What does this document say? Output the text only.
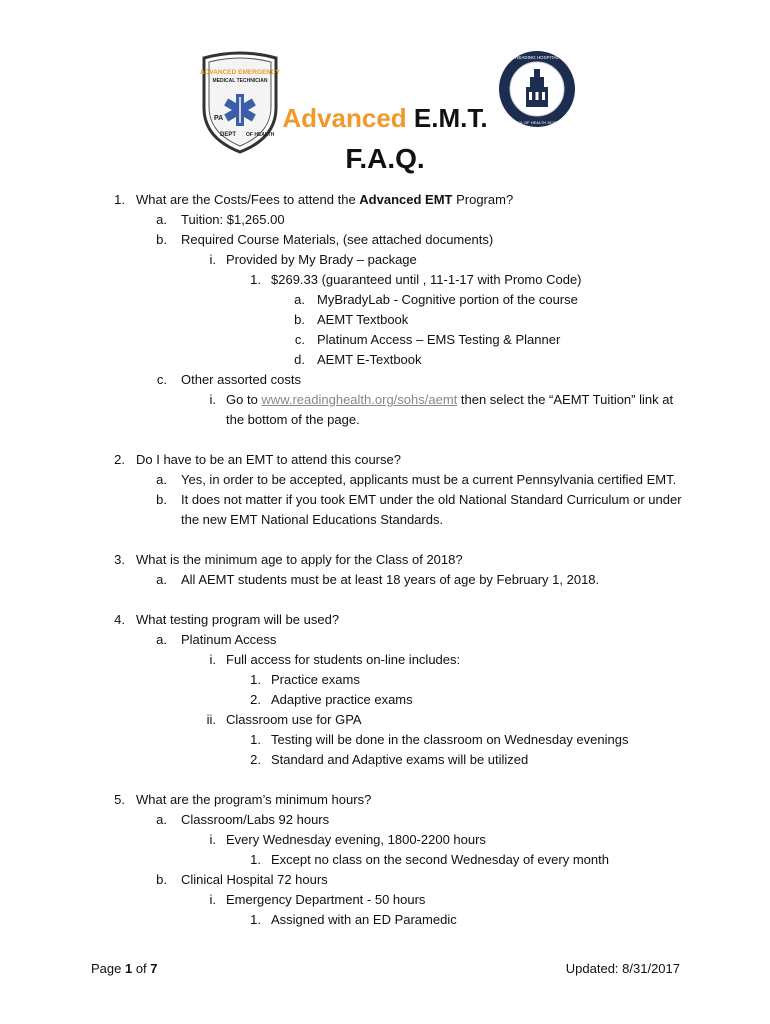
ADVANCED EMERGENCY
MEDICAL TECHNICIAN
PA
DEPT OF HEALTH
READING HOSPITAL
SCHOOL OF HEALTH SCIENCES
Advanced E.M.T.
F.A.Q.
1. What are the Costs/Fees to attend the Advanced EMT Program?
a. Tuition: $1,265.00
b. Required Course Materials, (see attached documents)
i. Provided by My Brady – package
1. $269.33 (guaranteed until , 11-1-17 with Promo Code)
a. MyBradyLab - Cognitive portion of the course
b. AEMT Textbook
c. Platinum Access – EMS Testing & Planner
d. AEMT E-Textbook
c. Other assorted costs
i. Go to www.readinghealth.org/sohs/aemt then select the “AEMT Tuition” link at
the bottom of the page.
2. Do I have to be an EMT to attend this course?
a. Yes, in order to be accepted, applicants must be a current Pennsylvania certified EMT.
b. It does not matter if you took EMT under the old National Standard Curriculum or under
the new EMT National Educations Standards.
3. What is the minimum age to apply for the Class of 2018?
a. All AEMT students must be at least 18 years of age by February 1, 2018.
4. What testing program will be used?
a. Platinum Access
i. Full access for students on-line includes:
1. Practice exams
2. Adaptive practice exams
ii. Classroom use for GPA
1. Testing will be done in the classroom on Wednesday evenings
2. Standard and Adaptive exams will be utilized
5. What are the program’s minimum hours?
a. Classroom/Labs 92 hours
i. Every Wednesday evening, 1800-2200 hours
1. Except no class on the second Wednesday of every month
b. Clinical Hospital 72 hours
i. Emergency Department - 50 hours
1. Assigned with an ED Paramedic
Page 1 of 7	Updated: 8/31/2017
